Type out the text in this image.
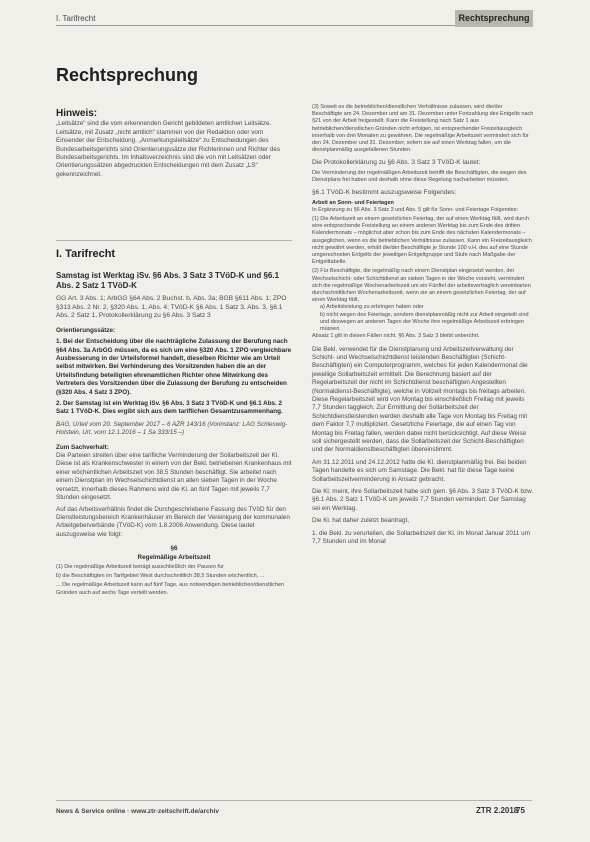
I. Tarifrecht	Rechtsprechung
Rechtsprechung
Hinweis:

„Leitsätze“ sind die vom erkennenden Gericht gebildeten amtlichen Leitsätze. Leitsätze, mit Zusatz „nicht amtlich“ stammen von der Redaktion oder vom Einsender der Entscheidung. „Anmerkungsleitsätze“ zu Entscheidungen des Bundesarbeitsgerichts sind Orientierungssätze der Richterinnen und Richter des Bundesarbeitsgerichts. Im Inhaltsverzeichnis sind die von mit Leitsätzen oder Orientierungssätzen abgedruckten Entscheidungen mit dem Zusatz „LS“ gekennzeichnet.

I. Tarifrecht
Samstag ist Werktag iSv. §6 Abs. 3 Satz 3 TVöD-K und §6.1 Abs. 2 Satz 1 TVöD-K

GG Art. 3 Abs. 1; ArbGG §64 Abs. 2 Buchst. b, Abs. 3a; BGB §611 Abs. 1; ZPO §313 Abs. 2 Nr. 2, §320 Abs. 1, Abs. 4; TVöD-K §6 Abs. 1 Satz 3, Abs. 3, §6.1 Abs. 2 Satz 1, Protokollerklärung zu §6 Abs. 3 Satz 3

Orientierungssätze:

1. Bei der Entscheidung über die nachträgliche Zulassung der Berufung nach §64 Abs. 3a ArbGG müssen, da es sich um eine §320 Abs. 1 ZPO vergleichbare Ausbesserung in der Urteilsformel handelt, dieselben Richter wie am Urteil selbst mitwirken. Bei Verhinderung des Vorsitzenden haben die an der Urteilsfindung beteiligten ehrenamtlichen Richter ohne Mitwirkung des Vertreters des Vorsitzenden über die Zulassung der Berufung zu entscheiden (§320 Abs. 4 Satz 3 ZPO).

2. Der Samstag ist ein Werktag iSv. §6 Abs. 3 Satz 3 TVöD-K und §6.1 Abs. 2 Satz 1 TVöD-K. Dies ergibt sich aus dem tariflichen Gesamtzusammenhang.

BAG, Urteil vom 20. September 2017 – 6 AZR 143/16 (Vorinstanz: LAG Schleswig-Holstein, Urt. vom 12.1.2016 – 1 Sa 333/15 –)

Zum Sachverhalt:

Die Parteien streiten über eine tarifliche Verminderung der Sollarbeitszeit der Kl. Diese ist als Krankenschwester in einem von der Bekl. betriebenen Krankenhaus mit einer wöchentlichen Arbeitszeit von 38,5 Stunden beschäftigt. Sie arbeitet nach einem Dienstplan im Wechselschichtdienst an allen sieben Tagen in der Woche versetzt, innerhalb dieses Rahmens wird die Kl. an fünf Tagen mit jeweils 7,7 Stunden eingesetzt.

Auf das Arbeitsverhältnis findet die Durchgeschriebene Fassung des TVöD für den Dienstleistungsbereich Krankenhäuser im Bereich der Vereinigung der kommunalen Arbeitgeberverbände (TVöD-K) vom 1.8.2006 Anwendung. Diese lautet auszugsweise wie folgt:

§6

Regelmäßige Arbeitszeit

(1) Die regelmäßige Arbeitszeit beträgt ausschließlich der Pausen für

b) die Beschäftigten im Tarifgebiet West durchschnittlich 38,5 Stunden wöchentlich, ...

... Die regelmäßige Arbeitszeit kann auf fünf Tage, aus notwendigen betrieblichen/dienstlichen Gründen auch auf sechs Tage verteilt werden.

(3) Soweit es die betrieblichen/dienstlichen Verhältnisse zulassen, wird die/der Beschäftigte am 24. Dezember und am 31. Dezember unter Fortzahlung des Entgelts nach §21 von der Arbeit freigestellt. Kann die Freistellung nach Satz 1 aus betrieblichen/dienstlichen Gründen nicht erfolgen, ist entsprechender Freizeitausgleich innerhalb von drei Monaten zu gewähren. Die regelmäßige Arbeitszeit vermindert sich für den 24. Dezember und 31. Dezember, sofern sie auf einen Werktag fallen, um die dienstplanmäßig ausgefallenen Stunden.

Die Protokollerklärung zu §6 Abs. 3 Satz 3 TVöD-K lautet:

Die Verminderung der regelmäßigen Arbeitszeit betrifft die Beschäftigten, die wegen des Dienstplans frei haben und deshalb ohne diese Regelung nacharbeiten müssten.

§6.1 TVöD-K bestimmt auszugsweise Folgendes:

Arbeit an Sonn- und Feiertagen

In Ergänzung zu §6 Abs. 3 Satz 3 und Abs. 5 gilt für Sonn- und Feiertage Folgendes:

(1) Die Arbeitszeit an einem gesetzlichen Feiertag, der auf einen Werktag fällt, wird durch eine entsprechende Freistellung an einem anderen Werktag bis zum Ende des dritten Kalendermonats – möglichst aber schon bis zum Ende des nächsten Kalendermonats – ausgeglichen, wenn es die betrieblichen Verhältnisse zulassen. Kann ein Freizeitausgleich nicht gewährt werden, erhält die/der Beschäftigte je Stunde 100 v.H. des auf eine Stunde umgerechneten Entgelts der jeweiligen Entgeltgruppe und Stufe nach Maßgabe der Entgelttabelle.

(2) Für Beschäftigte, die regelmäßig nach einem Dienstplan eingesetzt werden, der Wechselschicht- oder Schichtdienst an sieben Tagen in der Woche vorsieht, vermindert sich die regelmäßige Wochenarbeitszeit um ein Fünftel der arbeitsvertraglich vereinbarten durchschnittlichen Wochenarbeitszeit, wenn sie an einem gesetzlichen Feiertag, der auf einen Werktag fällt,

a) Arbeitsleistung zu erbringen haben oder

b) nicht wegen des Feiertags, sondern dienstplanmäßig nicht zur Arbeit eingeteilt sind und deswegen an anderen Tagen der Woche ihre regelmäßige Arbeitszeit erbringen müssen.

Absatz 1 gilt in diesen Fällen nicht. §6 Abs. 3 Satz 3 bleibt unberührt.

Die Bekl. verwendet für die Dienstplanung und Arbeitszeitverwaltung der Schicht- und Wechselschichtdienst leistenden Beschäftigten (Schicht-Beschäftigten) ein Computerprogramm, welches für jeden Kalendermonat die jeweilige Sollarbeitszeit ermittelt. Die Berechnung basiert auf der Regelarbeitszeit der nicht im Schichtdienst beschäftigten Angestellten (Normaldienst-Beschäftigte), welche in Vollzeit montags bis freitags arbeiten. Diese Regelarbeitszeit wird von Montag bis einschließlich Freitag mit jeweils 7,7 Stunden taggleich. Zur Ermittlung der Sollarbeitszeit der Schichtdienstleistenden werden deshalb alle Tage von Montag bis Freitag mit dem Faktor 7,7 multipliziert. Gesetzliche Feiertage, die auf einen Tag von Montag bis Freitag fallen, werden dabei nicht berücksichtigt. Auf diese Weise soll sichergestellt werden, dass die Sollarbeitszeit der Schicht-Beschäftigten und der Normaldienstbeschäftigten übereinstimmt.

Am 31.12.2011 und 24.12.2012 hatte die Kl. dienstplanmäßig frei. Bei beiden Tagen handelte es sich um Samstage. Die Bekl. hat für diese Tage keine Sollarbeitszeitverminderung in Ansatz gebracht.

Die Kl. meint, ihre Sollarbeitszeit habe sich gem. §6 Abs. 3 Satz 3 TVöD-K bzw. §6.1 Abs. 2 Satz 1 TVöD-K um jeweils 7,7 Stunden vermindert. Der Samstag sei ein Werktag.

Die Kl. hat daher zuletzt beantragt,

1. die Bekl. zu verurteilen, die Sollarbeitszeit der Kl. im Monat Januar 2011 um 7,7 Stunden und im Monat

News & Service online · www.ztr-zeitschrift.de/archiv	ZTR 2.2018
75
